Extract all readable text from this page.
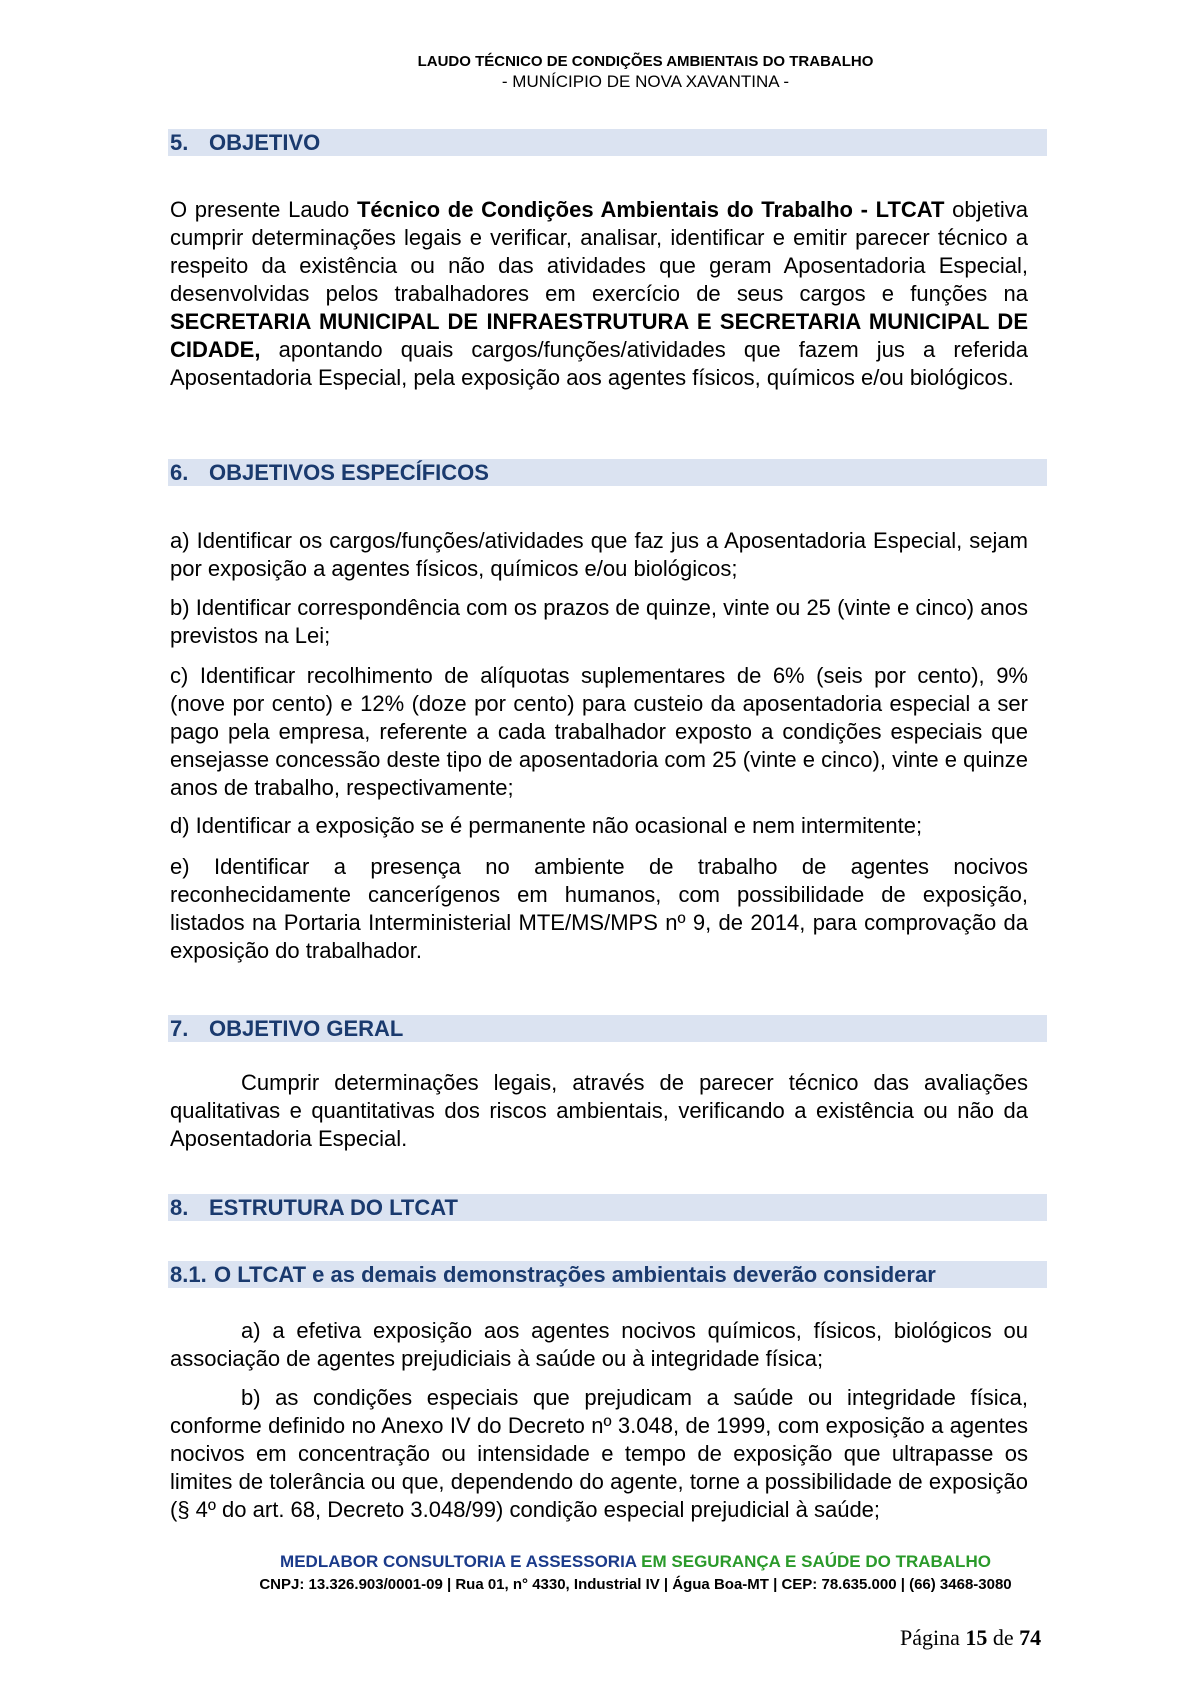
LAUDO TÉCNICO DE CONDIÇÕES AMBIENTAIS DO TRABALHO
- MUNÍCIPIO DE NOVA XAVANTINA -
5. OBJETIVO

O presente Laudo Técnico de Condições Ambientais do Trabalho - LTCAT objetiva cumprir determinações legais e verificar, analisar, identificar e emitir parecer técnico a respeito da existência ou não das atividades que geram Aposentadoria Especial, desenvolvidas pelos trabalhadores em exercício de seus cargos e funções na SECRETARIA MUNICIPAL DE INFRAESTRUTURA E SECRETARIA MUNICIPAL DE CIDADE, apontando quais cargos/funções/atividades que fazem jus a referida Aposentadoria Especial, pela exposição aos agentes físicos, químicos e/ou biológicos.

6. OBJETIVOS ESPECÍFICOS

a) Identificar os cargos/funções/atividades que faz jus a Aposentadoria Especial, sejam por exposição a agentes físicos, químicos e/ou biológicos;

b) Identificar correspondência com os prazos de quinze, vinte ou 25 (vinte e cinco) anos previstos na Lei;

c) Identificar recolhimento de alíquotas suplementares de 6% (seis por cento), 9% (nove por cento) e 12% (doze por cento) para custeio da aposentadoria especial a ser pago pela empresa, referente a cada trabalhador exposto a condições especiais que ensejasse concessão deste tipo de aposentadoria com 25 (vinte e cinco), vinte e quinze anos de trabalho, respectivamente;

d) Identificar a exposição se é permanente não ocasional e nem intermitente;

e) Identificar a presença no ambiente de trabalho de agentes nocivos reconhecidamente cancerígenos em humanos, com possibilidade de exposição, listados na Portaria Interministerial MTE/MS/MPS nº 9, de 2014, para comprovação da exposição do trabalhador.

7. OBJETIVO GERAL

Cumprir determinações legais, através de parecer técnico das avaliações qualitativas e quantitativas dos riscos ambientais, verificando a existência ou não da Aposentadoria Especial.

8. ESTRUTURA DO LTCAT
8.1. O LTCAT e as demais demonstrações ambientais deverão considerar

a) a efetiva exposição aos agentes nocivos químicos, físicos, biológicos ou associação de agentes prejudiciais à saúde ou à integridade física;

b) as condições especiais que prejudicam a saúde ou integridade física, conforme definido no Anexo IV do Decreto nº 3.048, de 1999, com exposição a agentes nocivos em concentração ou intensidade e tempo de exposição que ultrapasse os limites de tolerância ou que, dependendo do agente, torne a possibilidade de exposição (§ 4º do art. 68, Decreto 3.048/99) condição especial prejudicial à saúde;

MEDLABOR CONSULTORIA E ASSESSORIA EM SEGURANÇA E SAÚDE DO TRABALHO
CNPJ: 13.326.903/0001-09 | Rua 01, n° 4330, Industrial IV | Água Boa-MT | CEP: 78.635.000 | (66) 3468-3080
Página 15 de 74
